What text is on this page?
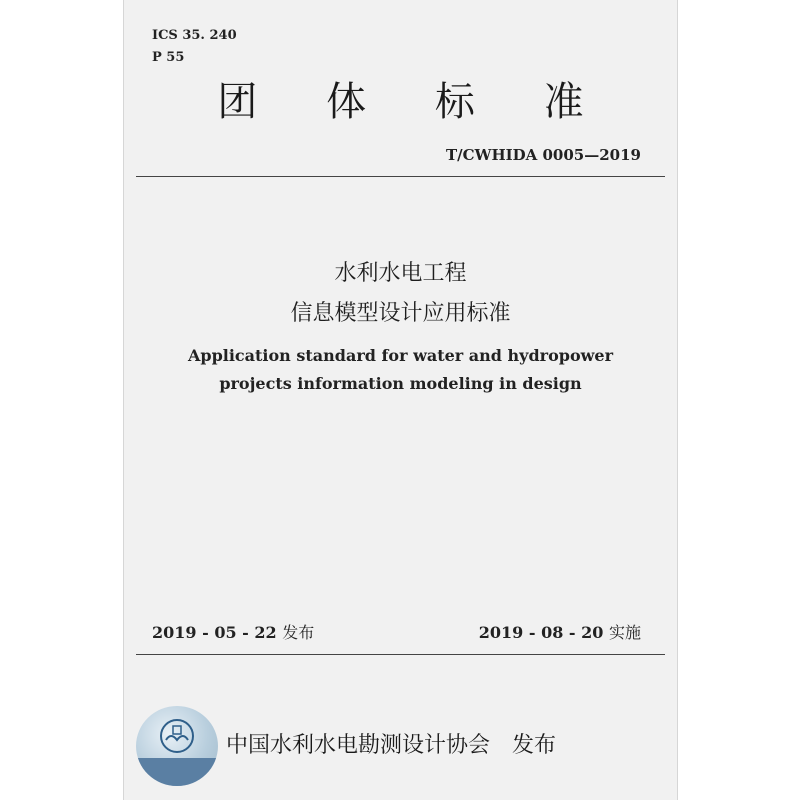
ICS 35. 240
P 55
团 体 标 准
T/CWHIDA 0005—2019
水利水电工程
信息模型设计应用标准
Application standard for water and hydropower
projects information modeling in design
2019 - 05 - 22 发布	2019 - 08 - 20 实施
中国水利水电勘测设计协会 发布
